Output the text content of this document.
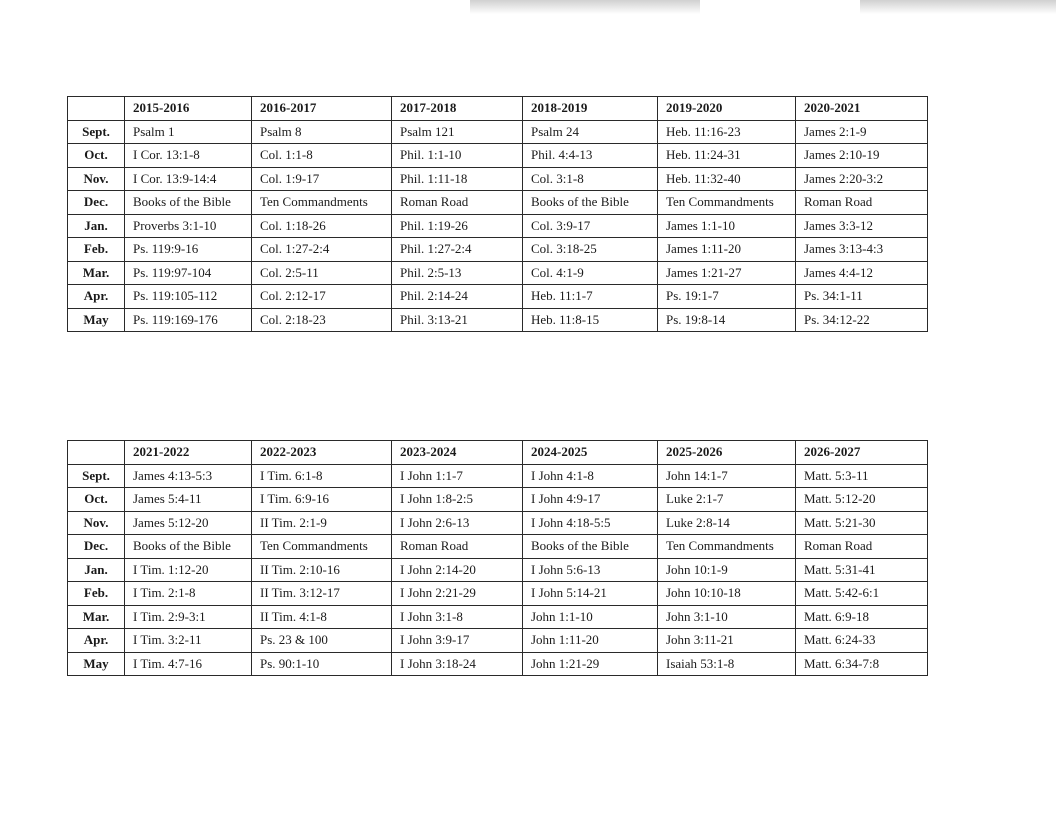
	2015-2016	2016-2017	2017-2018	2018-2019	2019-2020	2020-2021
Sept.	Psalm 1	Psalm 8	Psalm 121	Psalm 24	Heb. 11:16-23	James 2:1-9
Oct.	I Cor. 13:1-8	Col. 1:1-8	Phil. 1:1-10	Phil. 4:4-13	Heb. 11:24-31	James 2:10-19
Nov.	I Cor. 13:9-14:4	Col. 1:9-17	Phil. 1:11-18	Col. 3:1-8	Heb. 11:32-40	James 2:20-3:2
Dec.	Books of the Bible	Ten Commandments	Roman Road	Books of the Bible	Ten Commandments	Roman Road
Jan.	Proverbs 3:1-10	Col. 1:18-26	Phil. 1:19-26	Col. 3:9-17	James 1:1-10	James 3:3-12
Feb.	Ps. 119:9-16	Col. 1:27-2:4	Phil. 1:27-2:4	Col. 3:18-25	James 1:11-20	James 3:13-4:3
Mar.	Ps. 119:97-104	Col. 2:5-11	Phil. 2:5-13	Col. 4:1-9	James 1:21-27	James 4:4-12
Apr.	Ps. 119:105-112	Col. 2:12-17	Phil. 2:14-24	Heb. 11:1-7	Ps. 19:1-7	Ps. 34:1-11
May	Ps. 119:169-176	Col. 2:18-23	Phil. 3:13-21	Heb. 11:8-15	Ps. 19:8-14	Ps. 34:12-22
	2021-2022	2022-2023	2023-2024	2024-2025	2025-2026	2026-2027
Sept.	James 4:13-5:3	I Tim. 6:1-8	I John 1:1-7	I John 4:1-8	John 14:1-7	Matt. 5:3-11
Oct.	James 5:4-11	I Tim. 6:9-16	I John 1:8-2:5	I John 4:9-17	Luke 2:1-7	Matt. 5:12-20
Nov.	James 5:12-20	II Tim. 2:1-9	I John 2:6-13	I John 4:18-5:5	Luke 2:8-14	Matt. 5:21-30
Dec.	Books of the Bible	Ten Commandments	Roman Road	Books of the Bible	Ten Commandments	Roman Road
Jan.	I Tim. 1:12-20	II Tim. 2:10-16	I John 2:14-20	I John 5:6-13	John 10:1-9	Matt. 5:31-41
Feb.	I Tim. 2:1-8	II Tim. 3:12-17	I John 2:21-29	I John 5:14-21	John 10:10-18	Matt. 5:42-6:1
Mar.	I Tim. 2:9-3:1	II Tim. 4:1-8	I John 3:1-8	John 1:1-10	John 3:1-10	Matt. 6:9-18
Apr.	I Tim. 3:2-11	Ps. 23 & 100	I John 3:9-17	John 1:11-20	John 3:11-21	Matt. 6:24-33
May	I Tim. 4:7-16	Ps. 90:1-10	I John 3:18-24	John 1:21-29	Isaiah 53:1-8	Matt. 6:34-7:8
